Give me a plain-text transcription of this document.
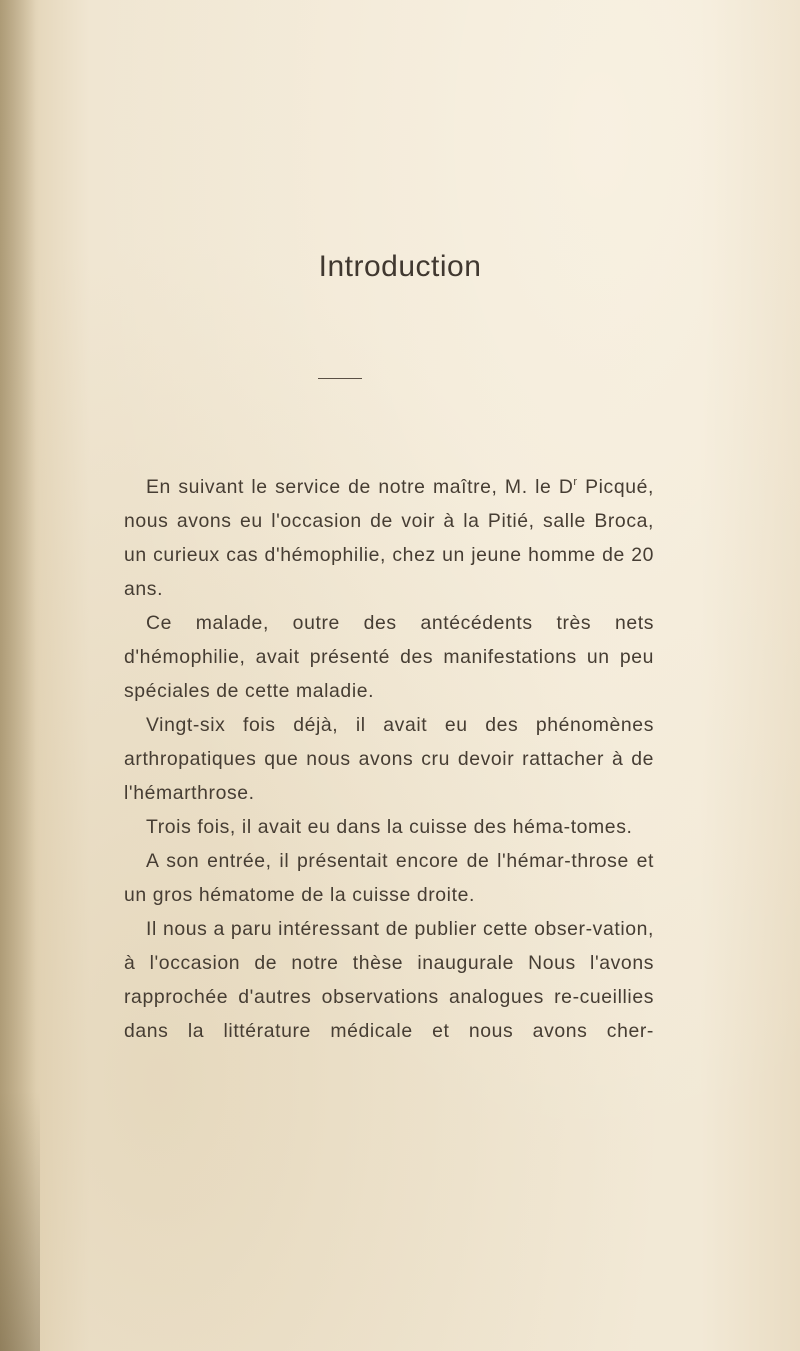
Introduction

En suivant le service de notre maître, M. le $D^r$ Picqué, nous avons eu l'occasion de voir à la Pitié, salle Broca, un curieux cas d'hémophilie, chez un jeune homme de 20 ans.

Ce malade, outre des antécédents très nets d'hémophilie, avait présenté des manifestations un peu spéciales de cette maladie.

Vingt-six fois déjà, il avait eu des phénomènes arthropatiques que nous avons cru devoir rattacher à de l'hémarthrose.

Trois fois, il avait eu dans la cuisse des héma-tomes.

A son entrée, il présentait encore de l'hémar-throse et un gros hématome de la cuisse droite.

Il nous a paru intéressant de publier cette obser-vation, à l'occasion de notre thèse inaugurale Nous l'avons rapprochée d'autres observations analogues re-cueillies dans la littérature médicale et nous avons cher-
